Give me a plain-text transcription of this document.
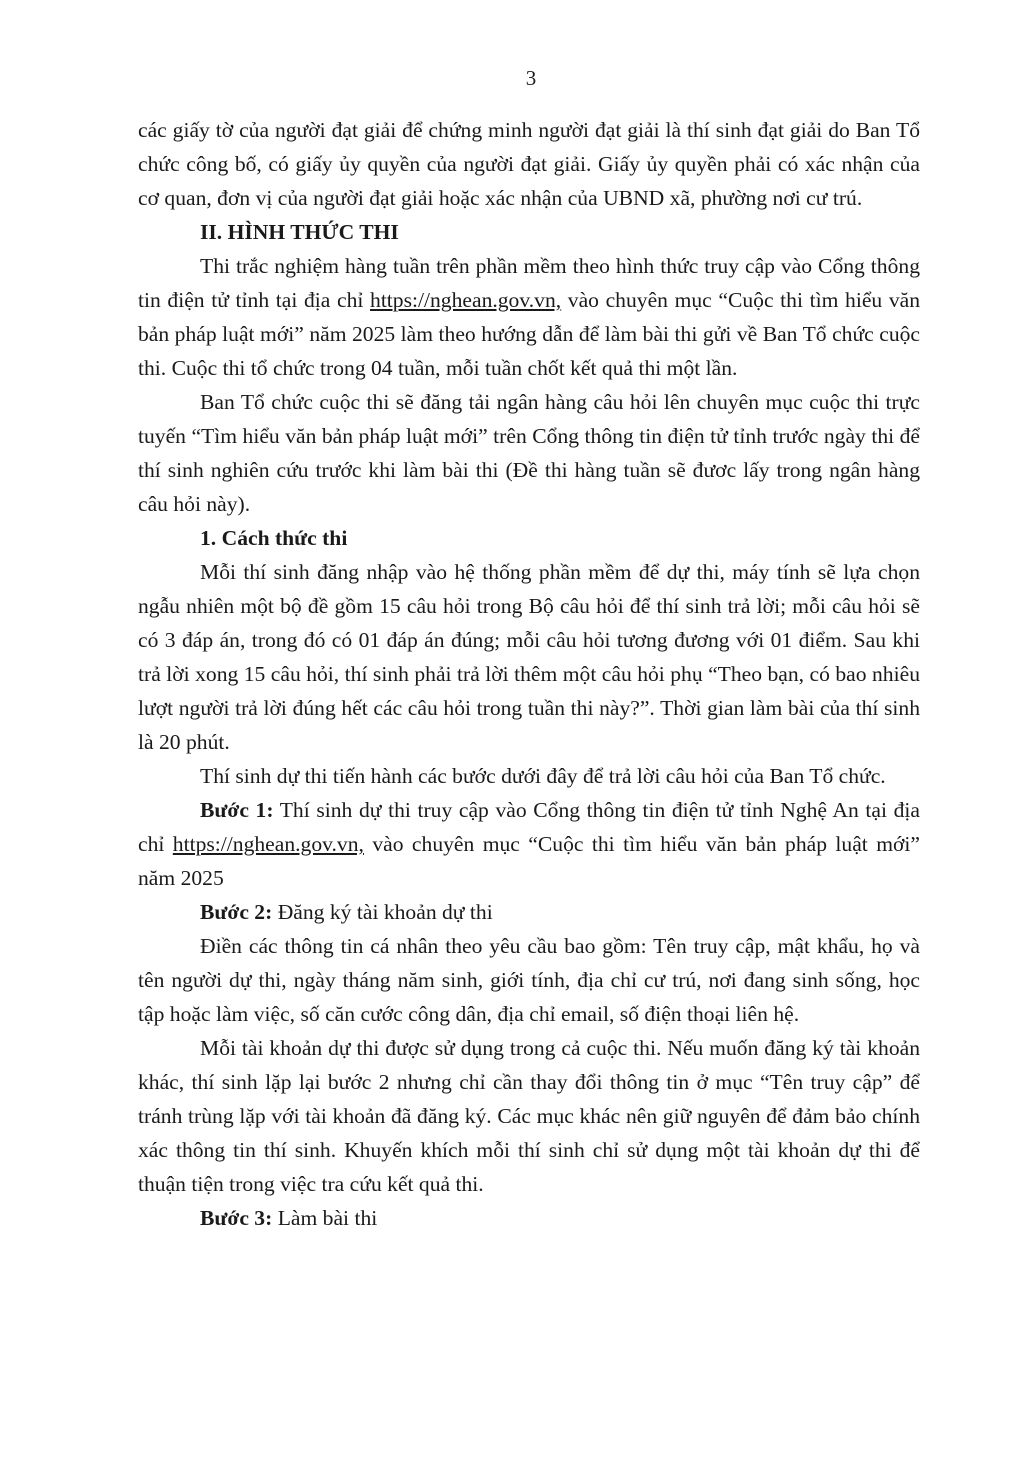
3

các giấy tờ của người đạt giải để chứng minh người đạt giải là thí sinh đạt giải do Ban Tổ chức công bố, có giấy ủy quyền của người đạt giải. Giấy ủy quyền phải có xác nhận của cơ quan, đơn vị của người đạt giải hoặc xác nhận của UBND xã, phường nơi cư trú.

II. HÌNH THỨC THI

Thi trắc nghiệm hàng tuần trên phần mềm theo hình thức truy cập vào Cổng thông tin điện tử tỉnh tại địa chỉ https://nghean.gov.vn, vào chuyên mục “Cuộc thi tìm hiểu văn bản pháp luật mới” năm 2025 làm theo hướng dẫn để làm bài thi gửi về Ban Tổ chức cuộc thi. Cuộc thi tổ chức trong 04 tuần, mỗi tuần chốt kết quả thi một lần.

Ban Tổ chức cuộc thi sẽ đăng tải ngân hàng câu hỏi lên chuyên mục cuộc thi trực tuyến “Tìm hiểu văn bản pháp luật mới” trên Cổng thông tin điện tử tỉnh trước ngày thi để thí sinh nghiên cứu trước khi làm bài thi (Đề thi hàng tuần sẽ đươc lấy trong ngân hàng câu hỏi này).

1. Cách thức thi

Mỗi thí sinh đăng nhập vào hệ thống phần mềm để dự thi, máy tính sẽ lựa chọn ngẫu nhiên một bộ đề gồm 15 câu hỏi trong Bộ câu hỏi để thí sinh trả lời; mỗi câu hỏi sẽ có 3 đáp án, trong đó có 01 đáp án đúng; mỗi câu hỏi tương đương với 01 điểm. Sau khi trả lời xong 15 câu hỏi, thí sinh phải trả lời thêm một câu hỏi phụ “Theo bạn, có bao nhiêu lượt người trả lời đúng hết các câu hỏi trong tuần thi này?”. Thời gian làm bài của thí sinh là 20 phút.

Thí sinh dự thi tiến hành các bước dưới đây để trả lời câu hỏi của Ban Tổ chức.

Bước 1: Thí sinh dự thi truy cập vào Cổng thông tin điện tử tỉnh Nghệ An tại địa chỉ https://nghean.gov.vn, vào chuyên mục “Cuộc thi tìm hiểu văn bản pháp luật mới” năm 2025

Bước 2: Đăng ký tài khoản dự thi

Điền các thông tin cá nhân theo yêu cầu bao gồm: Tên truy cập, mật khẩu, họ và tên người dự thi, ngày tháng năm sinh, giới tính, địa chỉ cư trú, nơi đang sinh sống, học tập hoặc làm việc, số căn cước công dân, địa chỉ email, số điện thoại liên hệ.

Mỗi tài khoản dự thi được sử dụng trong cả cuộc thi. Nếu muốn đăng ký tài khoản khác, thí sinh lặp lại bước 2 nhưng chỉ cần thay đổi thông tin ở mục “Tên truy cập” để tránh trùng lặp với tài khoản đã đăng ký. Các mục khác nên giữ nguyên để đảm bảo chính xác thông tin thí sinh. Khuyến khích mỗi thí sinh chỉ sử dụng một tài khoản dự thi để thuận tiện trong việc tra cứu kết quả thi.

Bước 3: Làm bài thi
